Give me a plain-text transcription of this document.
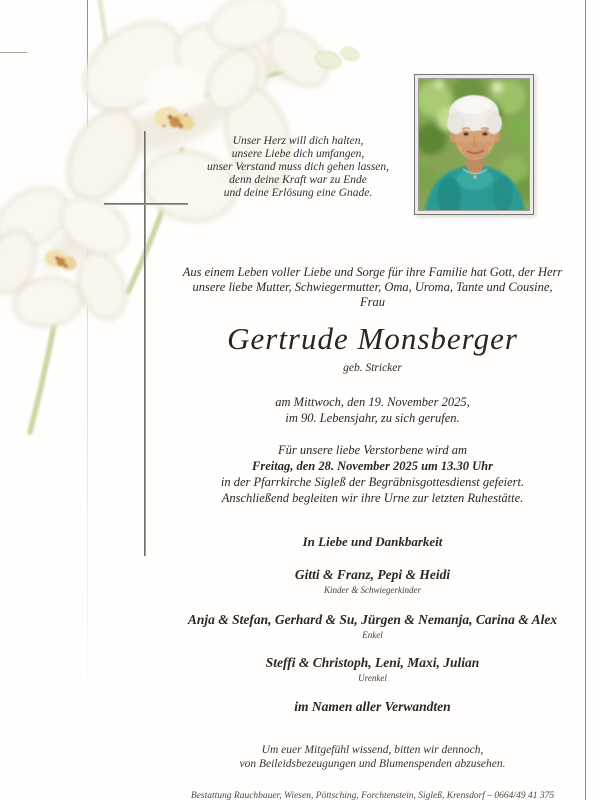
Unser Herz will dich halten,
unsere Liebe dich umfangen,
unser Verstand muss dich gehen lassen,
denn deine Kraft war zu Ende
und deine Erlösung eine Gnade.
Aus einem Leben voller Liebe und Sorge für ihre Familie hat Gott, der Herr
unsere liebe Mutter, Schwiegermutter, Oma, Uroma, Tante und Cousine,
Frau
Gertrude Monsberger
geb. Stricker
am Mittwoch, den 19. November 2025,
im 90. Lebensjahr, zu sich gerufen.
Für unsere liebe Verstorbene wird am
Freitag, den 28. November 2025 um 13.30 Uhr
in der Pfarrkirche Sigleß der Begräbnisgottesdienst gefeiert.
Anschließend begleiten wir ihre Urne zur letzten Ruhestätte.
In Liebe und Dankbarkeit
Gitti & Franz, Pepi & Heidi
Kinder & Schwiegerkinder
Anja & Stefan, Gerhard & Su, Jürgen & Nemanja, Carina & Alex
Enkel
Steffi & Christoph, Leni, Maxi, Julian
Urenkel
im Namen aller Verwandten
Um euer Mitgefühl wissend, bitten wir dennoch,
von Beileidsbezeugungen und Blumenspenden abzusehen.
Bestattung Rauchbauer, Wiesen, Pöttsching, Forchtenstein, Sigleß, Krensdorf – 0664/49 41 375
